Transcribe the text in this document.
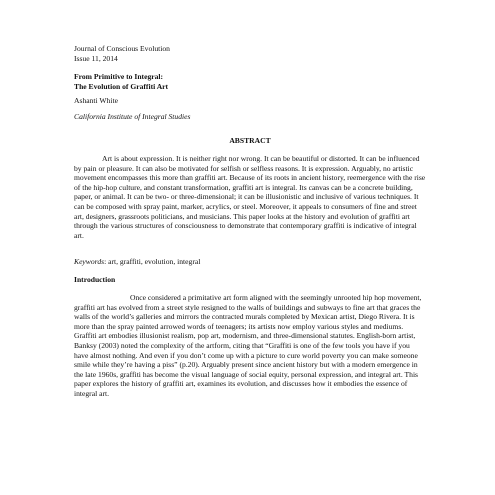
Journal of Conscious Evolution
Issue 11, 2014
From Primitive to Integral:
The Evolution of Graffiti Art
Ashanti White
California Institute of Integral Studies
ABSTRACT

Art is about expression. It is neither right nor wrong. It can be beautiful or distorted. It can be influenced by pain or pleasure. It can also be motivated for selfish or selfless reasons. It is expression. Arguably, no artistic movement encompasses this more than graffiti art. Because of its roots in ancient history, reemergence with the rise of the hip-hop culture, and constant transformation, graffiti art is integral. Its canvas can be a concrete building, paper, or animal. It can be two- or three-dimensional; it can be illusionistic and inclusive of various techniques. It can be composed with spray paint, marker, acrylics, or steel. Moreover, it appeals to consumers of fine and street art, designers, grassroots politicians, and musicians. This paper looks at the history and evolution of graffiti art through the various structures of consciousness to demonstrate that contemporary graffiti is indicative of integral art.

Keywords: art, graffiti, evolution, integral
Introduction

Once considered a primitative art form aligned with the seemingly unrooted hip hop movement, graffiti art has evolved from a street style resigned to the walls of buildings and subways to fine art that graces the walls of the world’s galleries and mirrors the contracted murals completed by Mexican artist, Diego Rivera. It is more than the spray painted arrowed words of teenagers; its artists now employ various styles and mediums. Graffiti art embodies illusionist realism, pop art, modernism, and three-dimensional statutes. English-born artist, Banksy (2003) noted the complexity of the artform, citing that “Graffiti is one of the few tools you have if you have almost nothing. And even if you don’t come up with a picture to cure world poverty you can make someone smile while they’re having a piss” (p.20). Arguably present since ancient history but with a modern emergence in the late 1960s, graffiti has become the visual language of social equity, personal expression, and integral art. This paper explores the history of graffiti art, examines its evolution, and discusses how it embodies the essence of integral art.
